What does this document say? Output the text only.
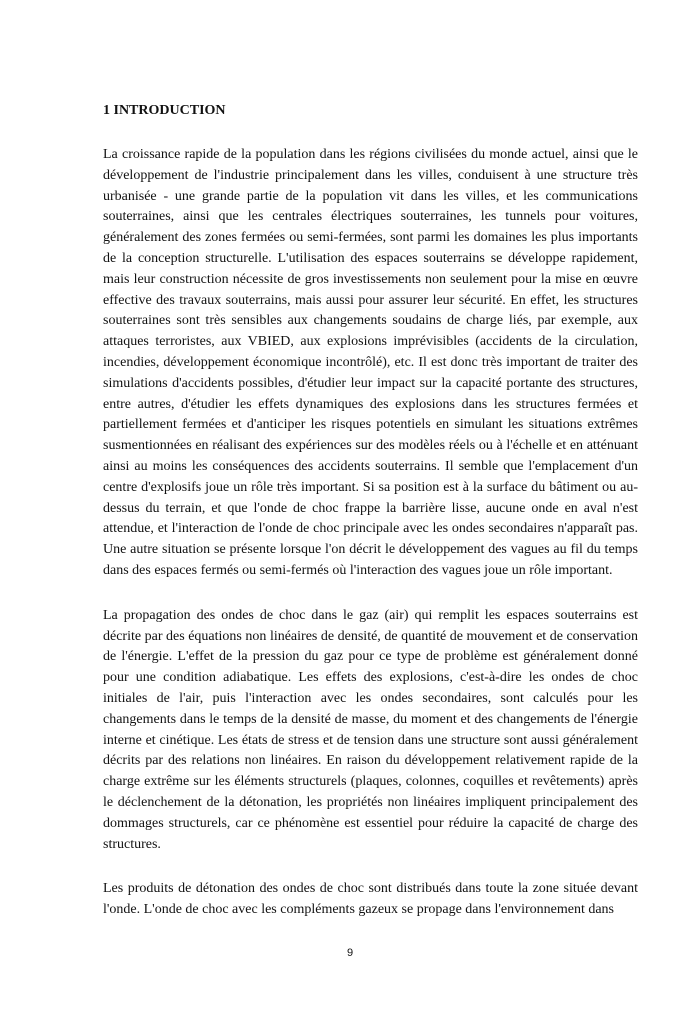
1 INTRODUCTION

La croissance rapide de la population dans les régions civilisées du monde actuel, ainsi que le développement de l'industrie principalement dans les villes, conduisent à une structure très urbanisée - une grande partie de la population vit dans les villes, et les communications souterraines, ainsi que les centrales électriques souterraines, les tunnels pour voitures, généralement des zones fermées ou semi-fermées, sont parmi les domaines les plus importants de la conception structurelle. L'utilisation des espaces souterrains se développe rapidement, mais leur construction nécessite de gros investissements non seulement pour la mise en œuvre effective des travaux souterrains, mais aussi pour assurer leur sécurité. En effet, les structures souterraines sont très sensibles aux changements soudains de charge liés, par exemple, aux attaques terroristes, aux VBIED, aux explosions imprévisibles (accidents de la circulation, incendies, développement économique incontrôlé), etc. Il est donc très important de traiter des simulations d'accidents possibles, d'étudier leur impact sur la capacité portante des structures, entre autres, d'étudier les effets dynamiques des explosions dans les structures fermées et partiellement fermées et d'anticiper les risques potentiels en simulant les situations extrêmes susmentionnées en réalisant des expériences sur des modèles réels ou à l'échelle et en atténuant ainsi au moins les conséquences des accidents souterrains. Il semble que l'emplacement d'un centre d'explosifs joue un rôle très important. Si sa position est à la surface du bâtiment ou au-dessus du terrain, et que l'onde de choc frappe la barrière lisse, aucune onde en aval n'est attendue, et l'interaction de l'onde de choc principale avec les ondes secondaires n'apparaît pas. Une autre situation se présente lorsque l'on décrit le développement des vagues au fil du temps dans des espaces fermés ou semi-fermés où l'interaction des vagues joue un rôle important.

La propagation des ondes de choc dans le gaz (air) qui remplit les espaces souterrains est décrite par des équations non linéaires de densité, de quantité de mouvement et de conservation de l'énergie. L'effet de la pression du gaz pour ce type de problème est généralement donné pour une condition adiabatique. Les effets des explosions, c'est-à-dire les ondes de choc initiales de l'air, puis l'interaction avec les ondes secondaires, sont calculés pour les changements dans le temps de la densité de masse, du moment et des changements de l'énergie interne et cinétique. Les états de stress et de tension dans une structure sont aussi généralement décrits par des relations non linéaires. En raison du développement relativement rapide de la charge extrême sur les éléments structurels (plaques, colonnes, coquilles et revêtements) après le déclenchement de la détonation, les propriétés non linéaires impliquent principalement des dommages structurels, car ce phénomène est essentiel pour réduire la capacité de charge des structures.

Les produits de détonation des ondes de choc sont distribués dans toute la zone située devant l'onde. L'onde de choc avec les compléments gazeux se propage dans l'environnement dans

9
